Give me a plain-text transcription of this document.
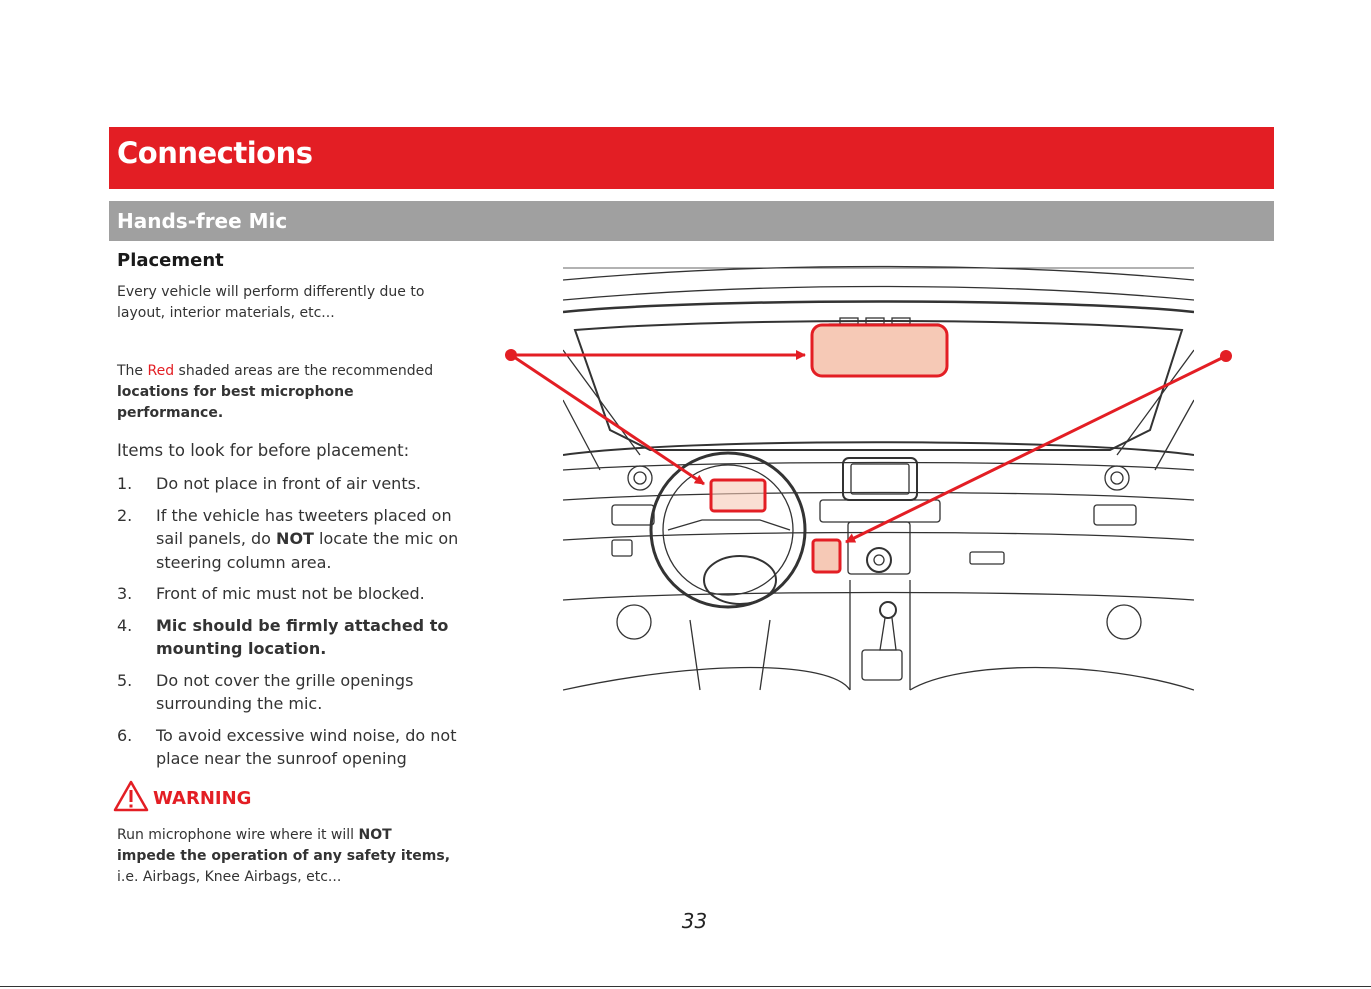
Connections
Hands-free Mic
Placement

Every vehicle will perform differently due to
layout, interior materials, etc...

The Red shaded areas are the recommended
locations for best microphone performance.

Items to look for before placement:

1. Do not place in front of air vents.
2. If the vehicle has tweeters placed on sail panels, do NOT locate the mic on steering column area.
3. Front of mic must not be blocked.
4. Mic should be firmly attached to mounting location.
5. Do not cover the grille openings surrounding the mic.
6. To avoid excessive wind noise, do not place near the sunroof opening
WARNING

Run microphone wire where it will NOT
impede the operation of any safety items,
i.e. Airbags, Knee Airbags, etc...

33
